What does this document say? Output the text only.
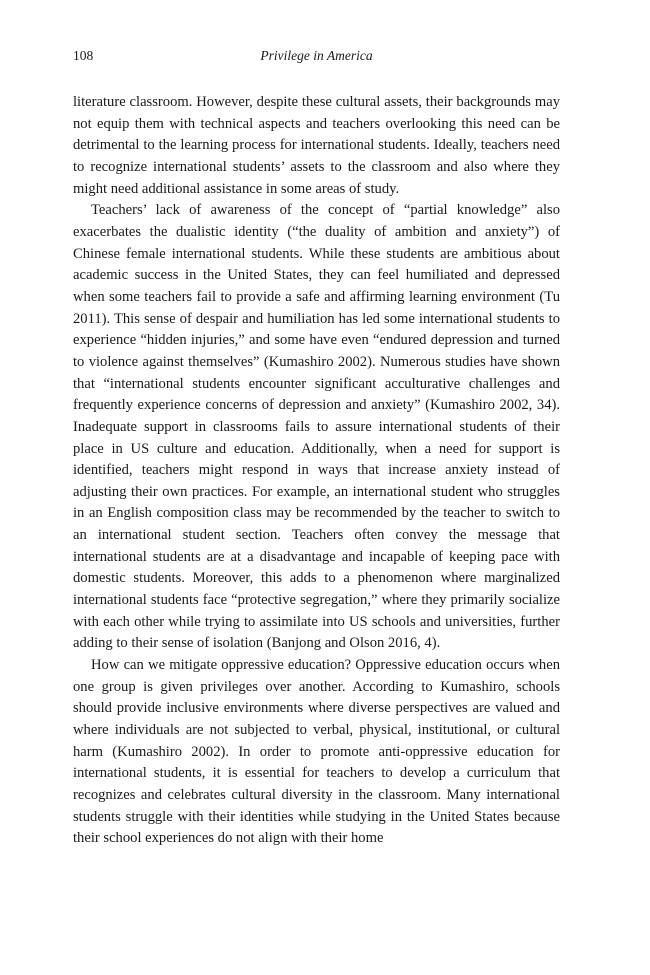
108	Privilege in America

literature classroom. However, despite these cultural assets, their backgrounds may not equip them with technical aspects and teachers overlooking this need can be detrimental to the learning process for international students. Ideally, teachers need to recognize international students’ assets to the classroom and also where they might need additional assistance in some areas of study.

Teachers’ lack of awareness of the concept of “partial knowledge” also exacerbates the dualistic identity (“the duality of ambition and anxiety”) of Chinese female international students. While these students are ambitious about academic success in the United States, they can feel humiliated and depressed when some teachers fail to provide a safe and affirming learning environment (Tu 2011). This sense of despair and humiliation has led some international students to experience “hidden injuries,” and some have even “endured depression and turned to violence against themselves” (Kumashiro 2002). Numerous studies have shown that “international students encounter significant acculturative challenges and frequently experience concerns of depression and anxiety” (Kumashiro 2002, 34). Inadequate support in classrooms fails to assure international students of their place in US culture and education. Additionally, when a need for support is identified, teachers might respond in ways that increase anxiety instead of adjusting their own practices. For example, an international student who struggles in an English composition class may be recommended by the teacher to switch to an international student section. Teachers often convey the message that international students are at a disadvantage and incapable of keeping pace with domestic students. Moreover, this adds to a phenomenon where marginalized international students face “protective segregation,” where they primarily socialize with each other while trying to assimilate into US schools and universities, further adding to their sense of isolation (Banjong and Olson 2016, 4).

How can we mitigate oppressive education? Oppressive education occurs when one group is given privileges over another. According to Kumashiro, schools should provide inclusive environments where diverse perspectives are valued and where individuals are not subjected to verbal, physical, institutional, or cultural harm (Kumashiro 2002). In order to promote anti-oppressive education for international students, it is essential for teachers to develop a curriculum that recognizes and celebrates cultural diversity in the classroom. Many international students struggle with their identities while studying in the United States because their school experiences do not align with their home
